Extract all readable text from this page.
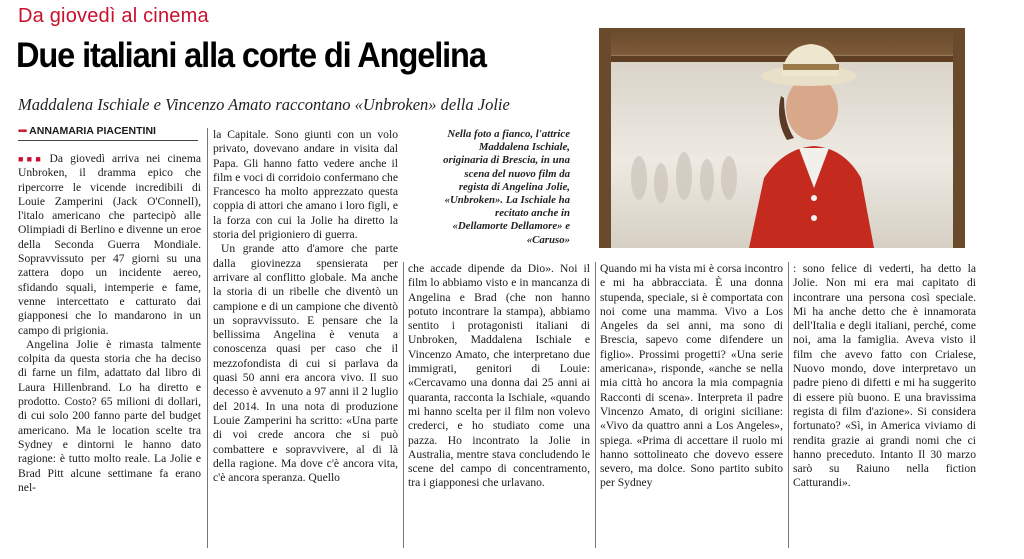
Da giovedì al cinema
Due italiani alla corte di Angelina
Maddalena Ischiale e Vincenzo Amato raccontano «Unbroken» della Jolie
▪▪▪ ANNAMARIA PIACENTINI

■■■ Da giovedì arriva nei cinema Unbroken, il dramma epico che ripercorre le vicende incredibili di Louie Zamperini (Jack O'Connell), l'italo americano che partecipò alle Olimpiadi di Berlino e divenne un eroe della Seconda Guerra Mondiale. Sopravvissuto per 47 giorni su una zattera dopo un incidente aereo, sfidando squali, intemperie e fame, venne intercettato e catturato dai giapponesi che lo mandarono in un campo di prigionia.

Angelina Jolie è rimasta talmente colpita da questa storia che ha deciso di farne un film, adattato dal libro di Laura Hillenbrand. Lo ha diretto e prodotto. Costo? 65 milioni di dollari, di cui solo 200 fanno parte del budget americano. Ma le location scelte tra Sydney e dintorni le hanno dato ragione: è tutto molto reale. La Jolie e Brad Pitt alcune settimane fa erano nel-

la Capitale. Sono giunti con un volo privato, dovevano andare in visita dal Papa. Gli hanno fatto vedere anche il film e voci di corridoio confermano che Francesco ha molto apprezzato questa coppia di attori che amano i loro figli, e la forza con cui la Jolie ha diretto la storia del prigioniero di guerra.

Un grande atto d'amore che parte dalla giovinezza spensierata per arrivare al conflitto globale. Ma anche la storia di un ribelle che diventò un campione e di un campione che diventò un sopravvissuto. E pensare che la bellissima Angelina è venuta a conoscenza quasi per caso che il mezzofondista di cui si parlava da quasi 50 anni era ancora vivo. Il suo decesso è avvenuto a 97 anni il 2 luglio del 2014. In una nota di produzione Louie Zamperini ha scritto: «Una parte di voi crede ancora che si può combattere e sopravvivere, al di là della ragione. Ma dove c'è ancora vita, c'è ancora speranza. Quello

Nella foto a fianco, l'attrice Maddalena Ischiale, originaria di Brescia, in una scena del nuovo film da regista di Angelina Jolie, «Unbroken». La Ischiale ha recitato anche in «Dellamorte Dellamore» e «Caruso»

che accade dipende da Dio». Noi il film lo abbiamo visto e in mancanza di Angelina e Brad (che non hanno potuto incontrare la stampa), abbiamo sentito i protagonisti italiani di Unbroken, Maddalena Ischiale e Vincenzo Amato, che interpretano due immigrati, genitori di Louie: «Cercavamo una donna dai 25 anni ai quaranta, racconta la Ischiale, «quando mi hanno scelta per il film non volevo crederci, e ho studiato come una pazza. Ho incontrato la Jolie in Australia, mentre stava concludendo le scene del campo di concentramento, tra i giapponesi che urlavano.

Quando mi ha vista mi è corsa incontro e mi ha abbracciata. È una donna stupenda, speciale, si è comportata con noi come una mamma. Vivo a Los Angeles da sei anni, ma sono di Brescia, sapevo come difendere un figlio». Prossimi progetti? «Una serie americana», risponde, «anche se nella mia città ho ancora la mia compagnia Racconti di scena». Interpreta il padre Vincenzo Amato, di origini siciliane: «Vivo da quattro anni a Los Angeles», spiega. «Prima di accettare il ruolo mi hanno sottolineato che dovevo essere severo, ma dolce. Sono partito subito per Sydney

: sono felice di vederti, ha detto la Jolie. Non mi era mai capitato di incontrare una persona così speciale. Mi ha anche detto che è innamorata dell'Italia e degli italiani, perché, come noi, ama la famiglia. Aveva visto il film che avevo fatto con Crialese, Nuovo mondo, dove interpretavo un padre pieno di difetti e mi ha suggerito di essere più buono. E una bravissima regista di film d'azione». Si considera fortunato? «Sì, in America viviamo di rendita grazie ai grandi nomi che ci hanno preceduto. Intanto Il 30 marzo sarò su Raiuno nella fiction Catturandi».
